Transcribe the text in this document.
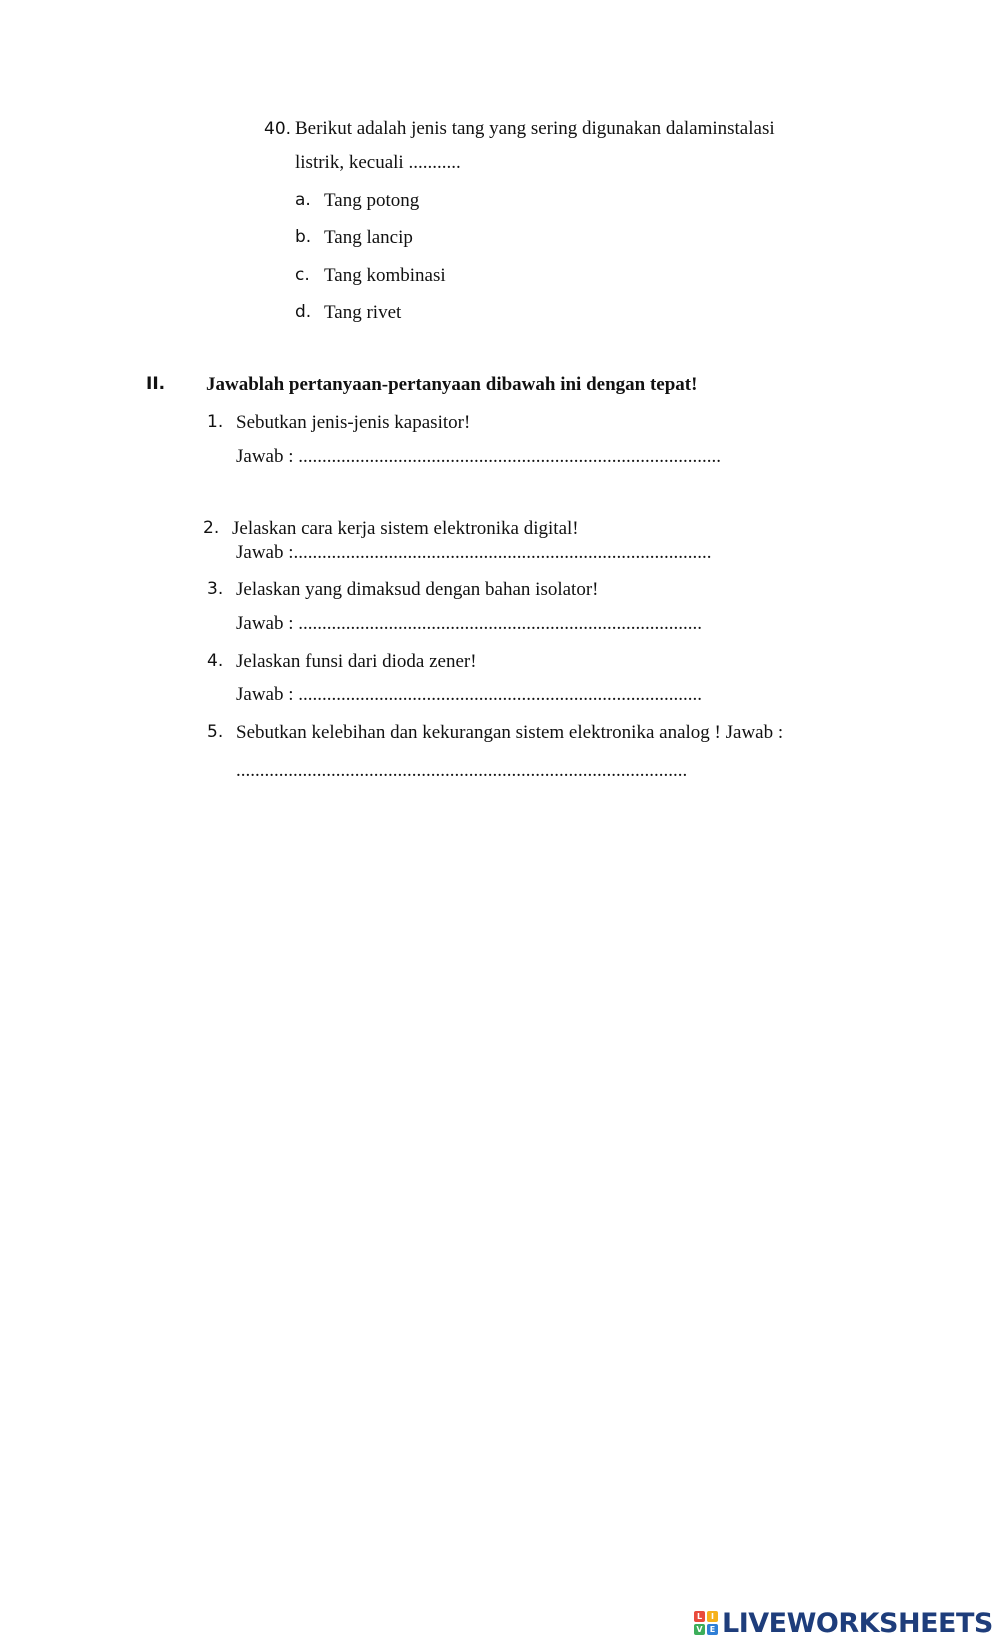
40. Berikut adalah jenis tang yang sering digunakan dalaminstalasi
listrik, kecuali ...........
a. Tang potong
b. Tang lancip
c. Tang kombinasi
d. Tang rivet
II. Jawablah pertanyaan-pertanyaan dibawah ini dengan tepat!
1. Sebutkan jenis-jenis kapasitor!
Jawab : .........................................................................................
2. Jelaskan cara kerja sistem elektronika digital!
Jawab :........................................................................................
3. Jelaskan yang dimaksud dengan bahan isolator!
Jawab : .....................................................................................
4. Jelaskan funsi dari dioda zener!
Jawab : .....................................................................................
5. Sebutkan kelebihan dan kekurangan sistem elektronika analog ! Jawab :
...............................................................................................
L	I
V E LIVEWORKSHEETS
